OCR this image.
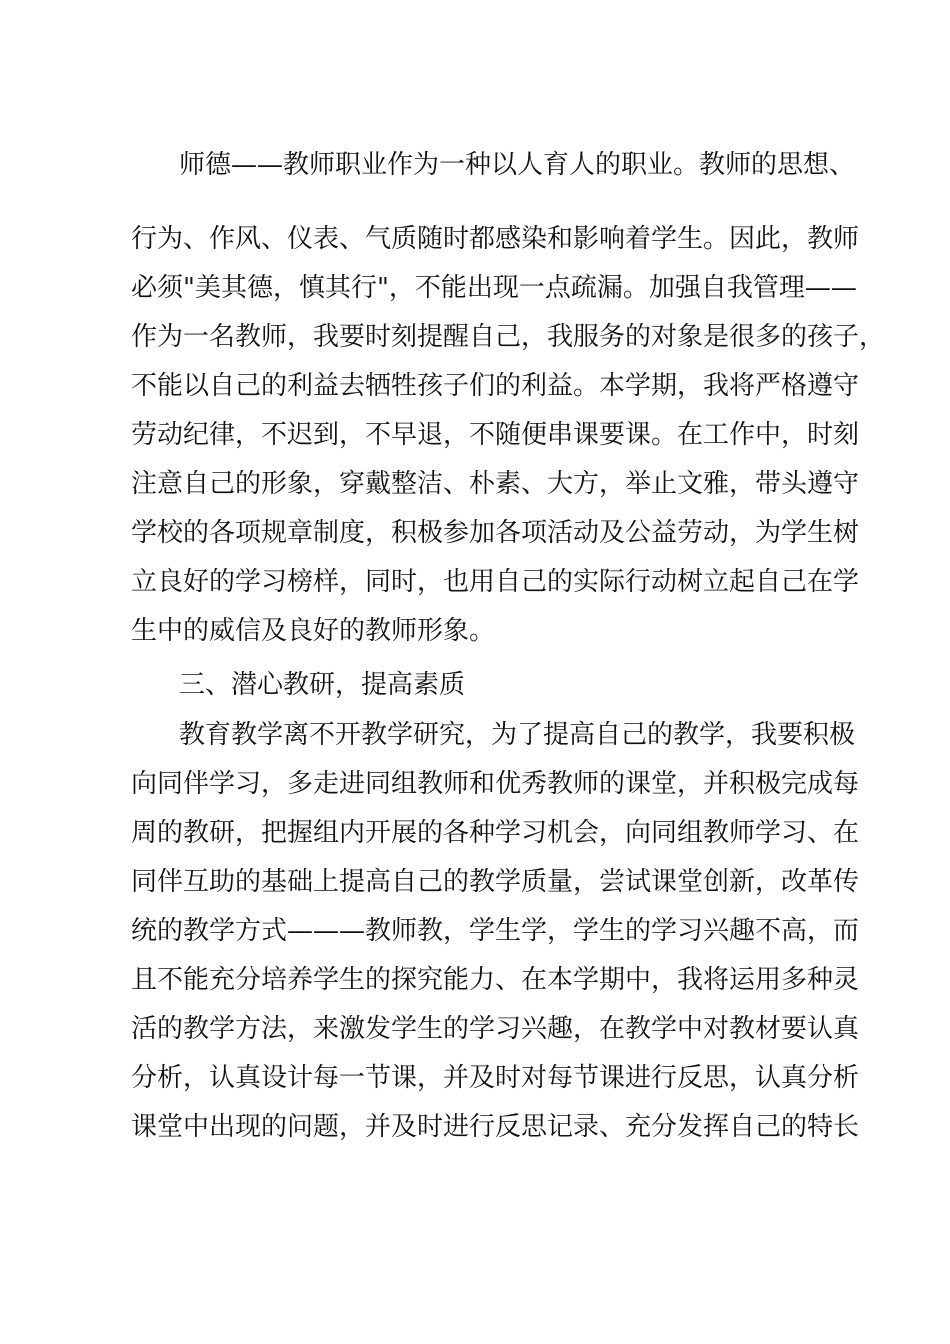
师德——教师职业作为一种以人育人的职业。教师的思想、
行为、作风、仪表、气质随时都感染和影响着学生。因此，教师
必须"美其德，慎其行"，不能出现一点疏漏。加强自我管理——
作为一名教师，我要时刻提醒自己，我服务的对象是很多的孩子，
不能以自己的利益去牺牲孩子们的利益。本学期，我将严格遵守
劳动纪律，不迟到，不早退，不随便串课要课。在工作中，时刻
注意自己的形象，穿戴整洁、朴素、大方，举止文雅，带头遵守
学校的各项规章制度，积极参加各项活动及公益劳动，为学生树
立良好的学习榜样，同时，也用自己的实际行动树立起自己在学
生中的威信及良好的教师形象。
三、潜心教研，提高素质
教育教学离不开教学研究，为了提高自己的教学，我要积极
向同伴学习，多走进同组教师和优秀教师的课堂，并积极完成每
周的教研，把握组内开展的各种学习机会，向同组教师学习、在
同伴互助的基础上提高自己的教学质量，尝试课堂创新，改革传
统的教学方式———教师教，学生学，学生的学习兴趣不高，而
且不能充分培养学生的探究能力、在本学期中，我将运用多种灵
活的教学方法，来激发学生的学习兴趣，在教学中对教材要认真
分析，认真设计每一节课，并及时对每节课进行反思，认真分析
课堂中出现的问题，并及时进行反思记录、充分发挥自己的特长
